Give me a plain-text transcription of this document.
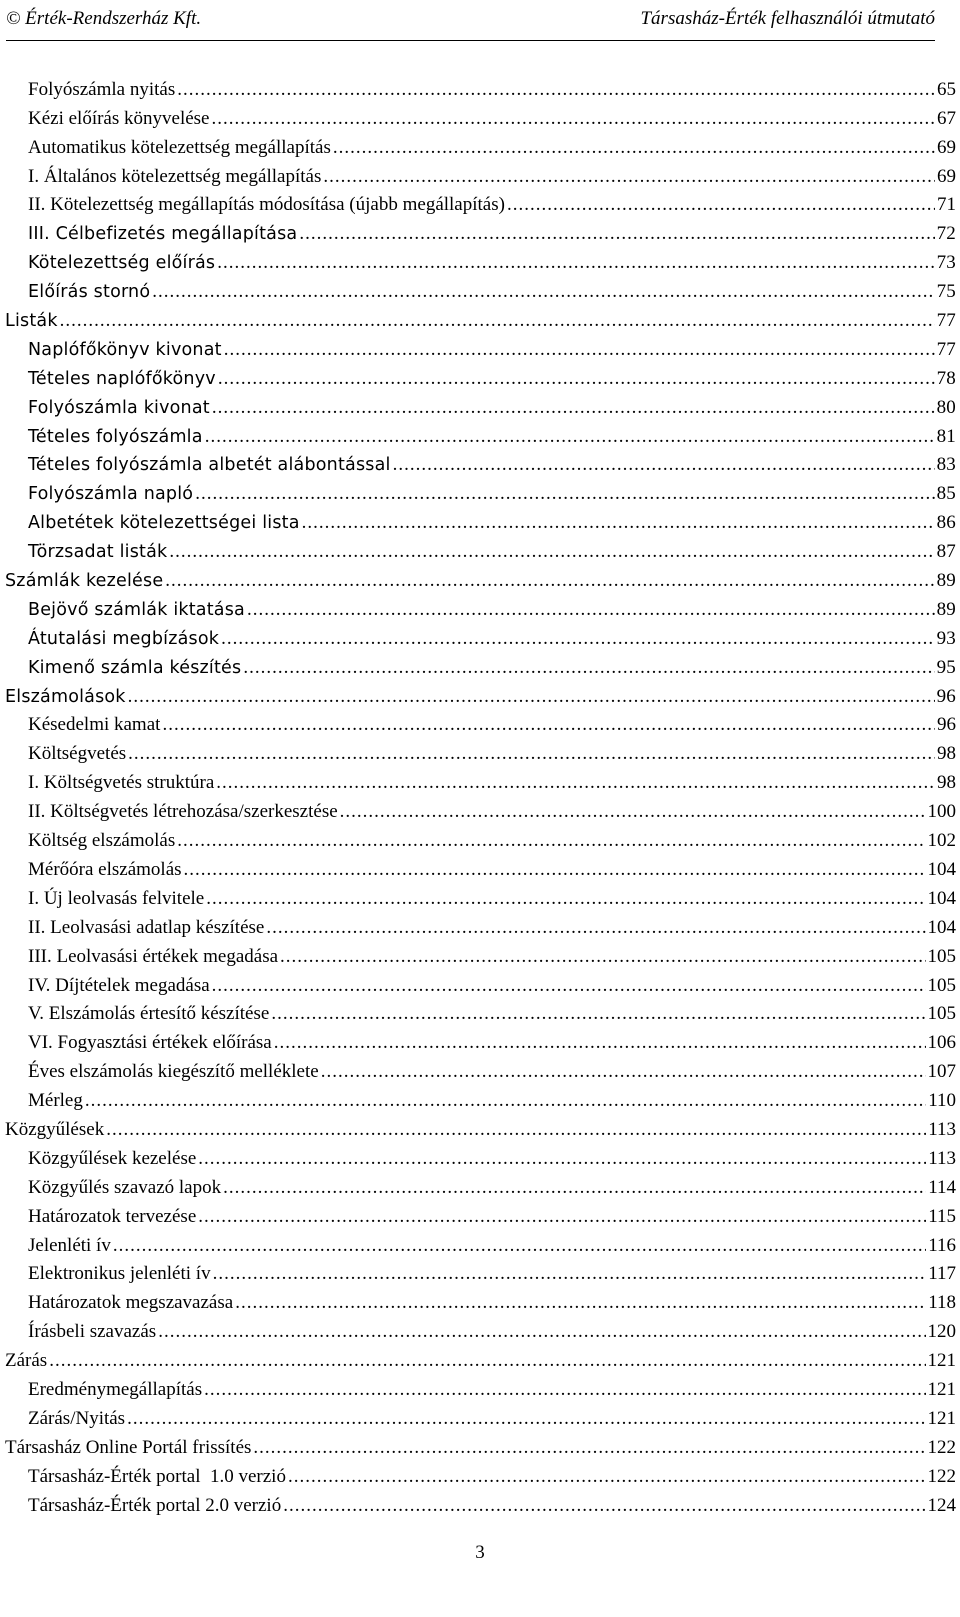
© Érték-Rendszerház Kft.	Társasház-Érték felhasználói útmutató
Folyószámla nyitás .....	65
Kézi előírás könyvelése .....	67
Automatikus kötelezettség megállapítás .....	69
I. Általános kötelezettség megállapítás .....	69
II. Kötelezettség megállapítás módosítása (újabb megállapítás) .....	71
III. Célbefizetés megállapítása .....	72
Kötelezettség előírás .....	73
Előírás stornó .....	75
Listák .....	77
Naplófőkönyv kivonat .....	77
Tételes naplófőkönyv .....	78
Folyószámla kivonat .....	80
Tételes folyószámla .....	81
Tételes folyószámla albetét alábontással .....	83
Folyószámla napló .....	85
Albetétek kötelezettségei lista .....	86
Törzsadat listák .....	87
Számlák kezelése .....	89
Bejövő számlák iktatása .....	89
Átutalási megbízások .....	93
Kimenő számla készítés .....	95
Elszámolások .....	96
Késedelmi kamat .....	96
Költségvetés .....	98
I. Költségvetés struktúra .....	98
II. Költségvetés létrehozása/szerkesztése .....	100
Költség elszámolás .....	102
Mérőóra elszámolás .....	104
I. Új leolvasás felvitele .....	104
II. Leolvasási adatlap készítése .....	104
III. Leolvasási értékek megadása .....	105
IV. Díjtételek megadása .....	105
V. Elszámolás értesítő készítése .....	105
VI. Fogyasztási értékek előírása .....	106
Éves elszámolás kiegészítő melléklete .....	107
Mérleg .....	110
Közgyűlések .....	113
Közgyűlések kezelése .....	113
Közgyűlés szavazó lapok .....	114
Határozatok tervezése .....	115
Jelenléti ív .....	116
Elektronikus jelenléti ív .....	117
Határozatok megszavazása .....	118
Írásbeli szavazás .....	120
Zárás .....	121
Eredménymegállapítás .....	121
Zárás/Nyitás .....	121
Társasház Online Portál frissítés .....	122
Társasház-Érték portal  1.0 verzió .....	122
Társasház-Érték portal 2.0 verzió .....	124
3
